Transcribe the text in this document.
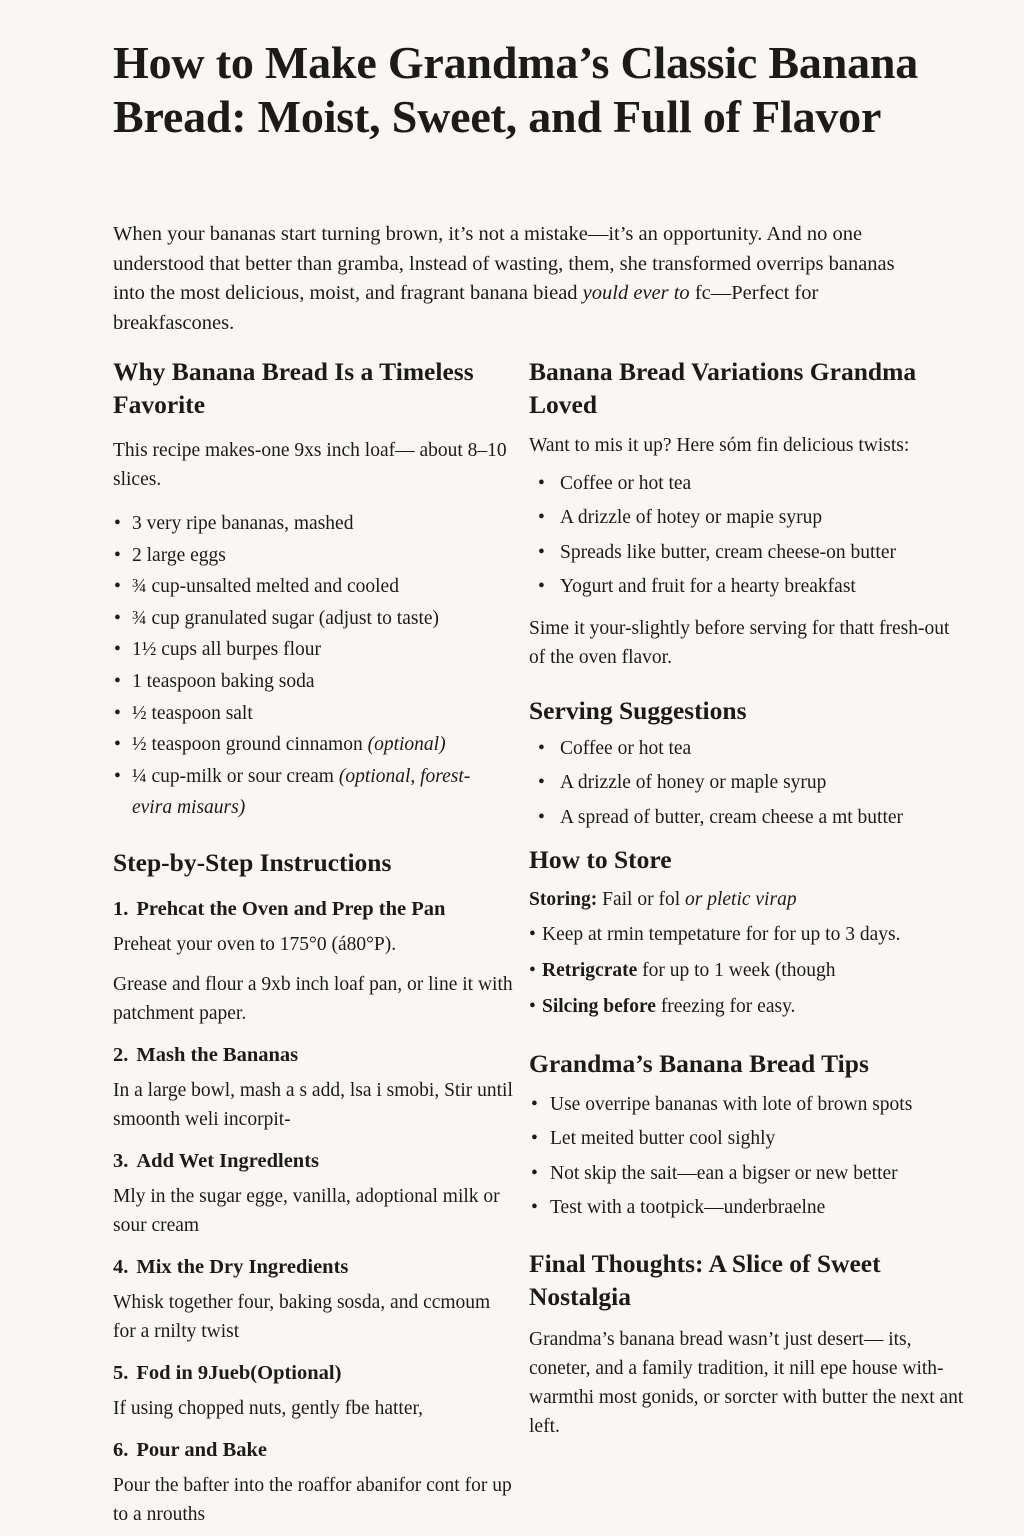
How to Make Grandma’s Classic Banana Bread: Moist, Sweet, and Full of Flavor

When your bananas start turning brown, it’s not a mistake—it’s an opportunity. And no one understood that better than gramba, lnstead of wasting, them, she transformed overrips bananas into the most delicious, moist, and fragrant banana biead yould ever to fc—Perfect for breakfascones.

Why Banana Bread Is a Timeless Favorite

This recipe makes-one 9xs inch loaf— about 8–10 slices.

• 3 very ripe bananas, mashed
• 2 large eggs
• ¾ cup-unsalted melted and cooled
• ¾ cup granulated sugar (adjust to taste)
• 1½ cups all burpes flour
• 1 teaspoon baking soda
• ½ teaspoon salt
• ½ teaspoon ground cinnamon (optional)
• ¼ cup-milk or sour cream (optional, forest- evira misaurs)
Step-by-Step Instructions
1. Prehcat the Oven and Prep the Pan

Preheat your oven to 175°0 (á80°P).

Grease and flour a 9xb inch loaf pan, or line it with patchment paper.

2. Mash the Bananas

In a large bowl, mash a s add, lsa i smobi, Stir until smoonth weli incorpit-

3. Add Wet Ingredlents

Mly in the sugar egge, vanilla, adoptional milk or sour cream

4. Mix the Dry Ingredients

Whisk together four, baking sosda, and ccmoum for a rnilty twist

5. Fod in 9Jueb(Optional)

If using chopped nuts, gently fbe hatter,

6. Pour and Bake

Pour the bafter into the roaffor abanifor cont for up to a nrouths

Banana Bread Variations Grandma Loved

Want to mis it up? Here sóm fin delicious twists:

• Coffee or hot tea
• A drizzle of hotey or mapie syrup
• Spreads like butter, cream cheese-on butter
• Yogurt and fruit for a hearty breakfast

Sime it your-slightly before serving for thatt fresh-out of the oven flavor.

Serving Suggestions
• Coffee or hot tea
• A drizzle of honey or maple syrup
• A spread of butter, cream cheese a mt butter
How to Store

Storing: Fail or fol or pletic virap

• Keep at rmin tempetature for for up to 3 days.
• Retrigcrate for up to 1 week (though
• Silcing before freezing for easy.
Grandma’s Banana Bread Tips
• Use overripe bananas with lote of brown spots
• Let meited butter cool sighly
• Not skip the sait—ean a bigser or new better
• Test with a tootpick—underbraelne
Final Thoughts: A Slice of Sweet Nostalgia

Grandma’s banana bread wasn’t just desert— its, coneter, and a family tradition, it nill epe house with-warmthi most gonids, or sorcter with butter the next ant left.
